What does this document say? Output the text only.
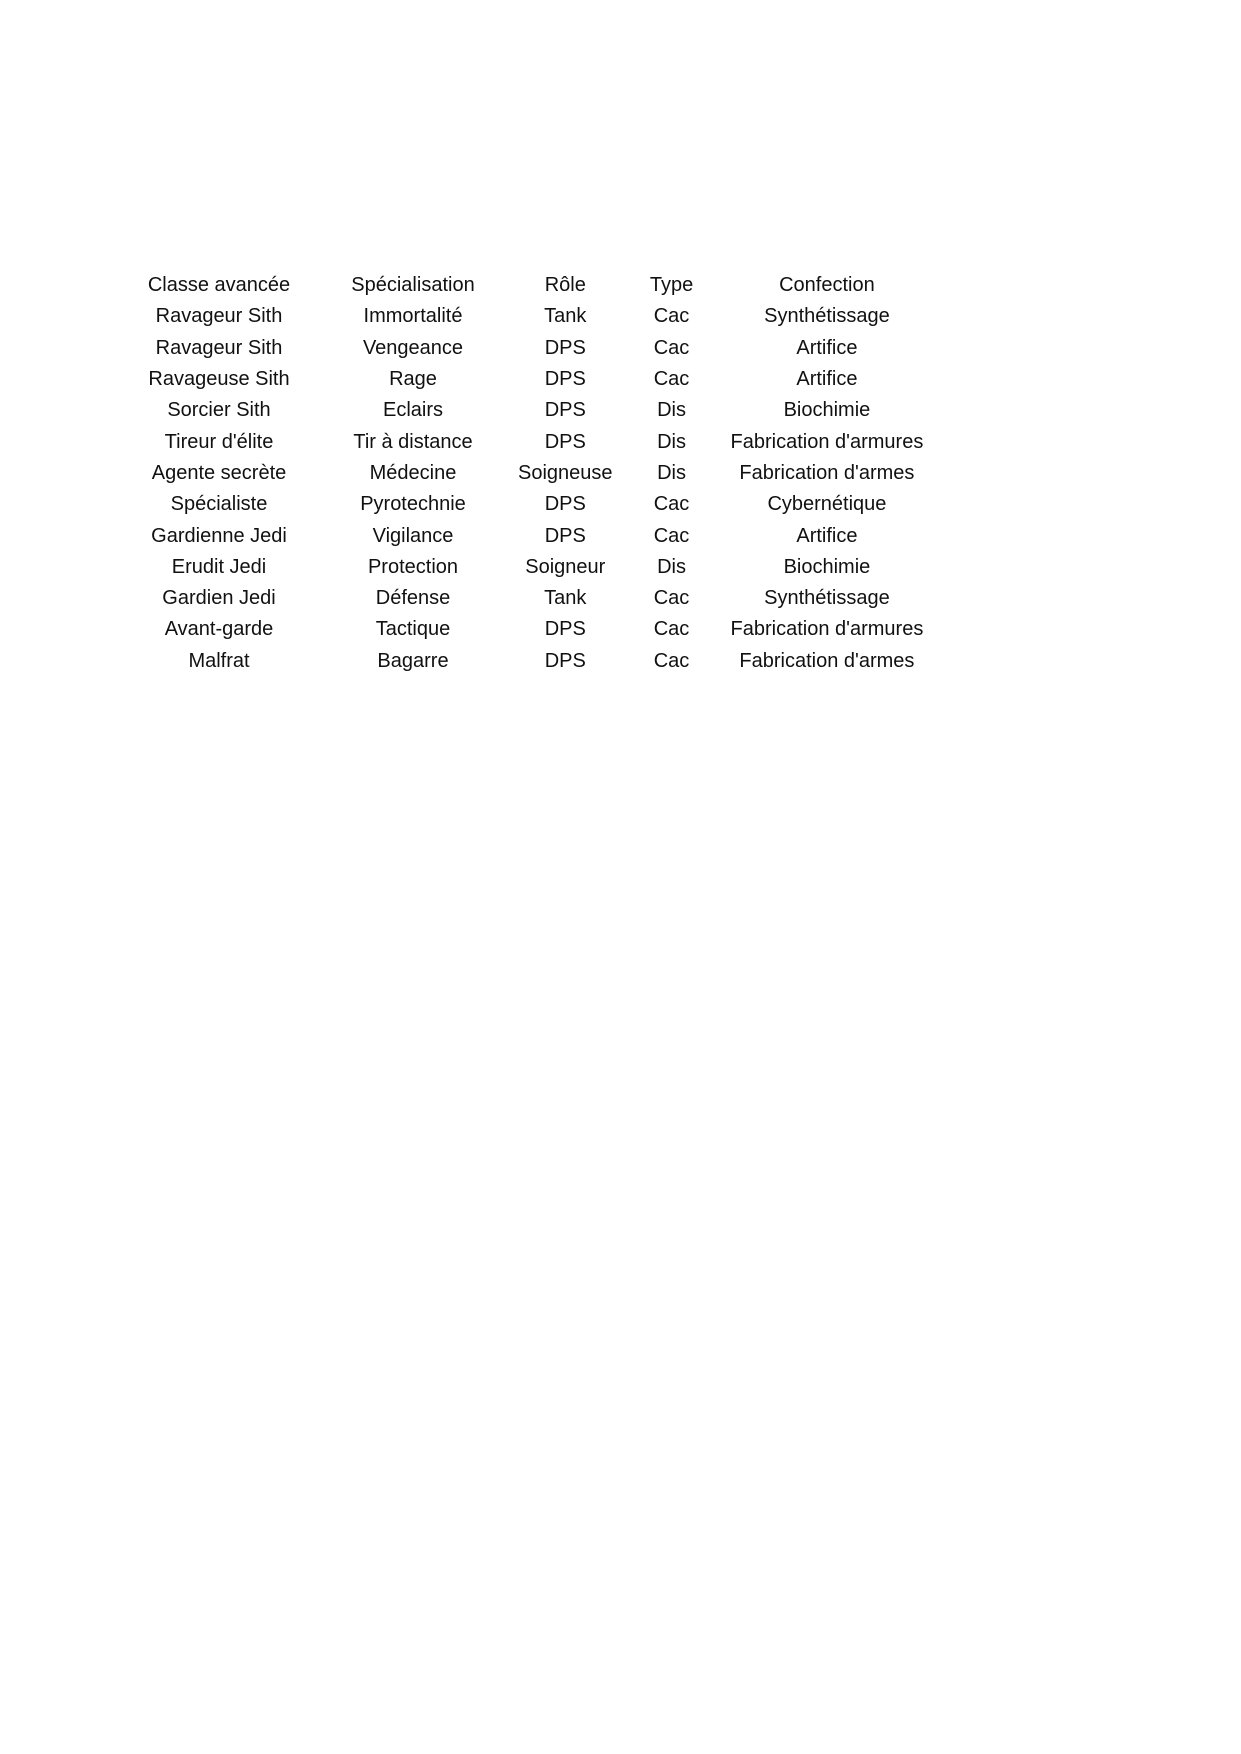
Classe avancée	Spécialisation	Rôle	Type	Confection
Ravageur Sith	Immortalité	Tank	Cac	Synthétissage
Ravageur Sith	Vengeance	DPS	Cac	Artifice
Ravageuse Sith	Rage	DPS	Cac	Artifice
Sorcier Sith	Eclairs	DPS	Dis	Biochimie
Tireur d'élite	Tir à distance	DPS	Dis	Fabrication d'armures
Agente secrète	Médecine	Soigneuse	Dis	Fabrication d'armes
Spécialiste	Pyrotechnie	DPS	Cac	Cybernétique
Gardienne Jedi	Vigilance	DPS	Cac	Artifice
Erudit Jedi	Protection	Soigneur	Dis	Biochimie
Gardien Jedi	Défense	Tank	Cac	Synthétissage
Avant-garde	Tactique	DPS	Cac	Fabrication d'armures
Malfrat	Bagarre	DPS	Cac	Fabrication d'armes
